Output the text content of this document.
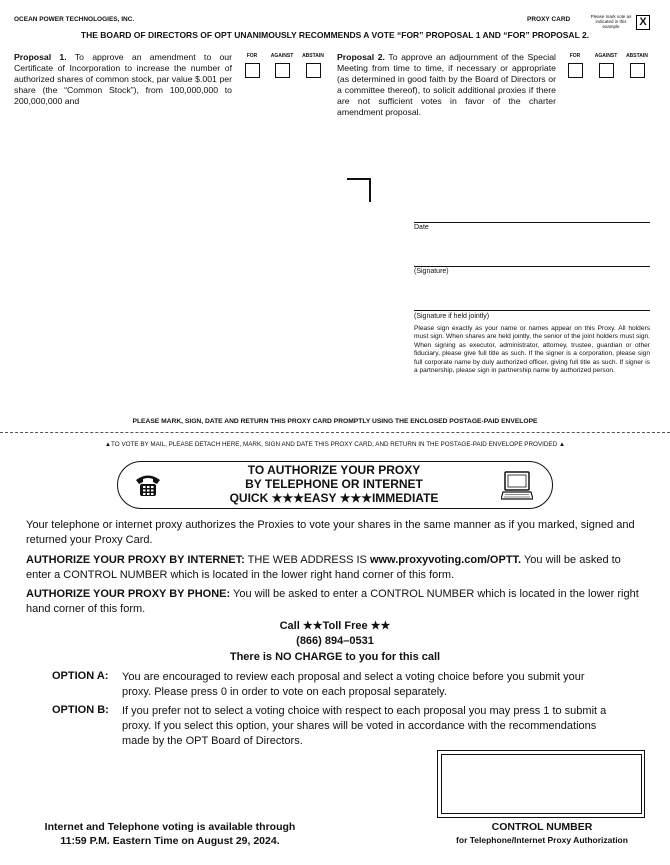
OCEAN POWER TECHNOLOGIES, INC.	PROXY CARD	Please mark vote as indicated in this example	X
THE BOARD OF DIRECTORS OF OPT UNANIMOUSLY RECOMMENDS A VOTE “FOR” PROPOSAL 1 AND “FOR” PROPOSAL 2.
Proposal 1. To approve an amendment to our Certificate of Incorporation to increase the number of authorized shares of common stock, par value $.001 per share (the “Common Stock”), from 100,000,000 to 200,000,000 and
FOR	AGAINST	ABSTAIN	Proposal 2. To approve an adjournment of the Special Meeting from time to time, if necessary or appropriate (as determined in good faith by the Board of Directors or a committee thereof), to solicit additional proxies if there are not sufficient votes in favor of the charter amendment proposal.
FOR	AGAINST	ABSTAIN
Date
(Signature)
(Signature if held jointly)
Please sign exactly as your name or names appear on this Proxy. All holders must sign. When shares are held jointly, the senior of the joint holders must sign. When signing as executor, administrator, attorney, trustee, guardian or other fiduciary, please give full title as such. If the signer is a corporation, please sign full corporate name by duly authorized officer, giving full title as such. If signer is a partnership, please sign in partnership name by authorized person.
PLEASE MARK, SIGN, DATE AND RETURN THIS PROXY CARD PROMPTLY USING THE ENCLOSED POSTAGE-PAID ENVELOPE
▲TO VOTE BY MAIL, PLEASE DETACH HERE, MARK, SIGN AND DATE THIS PROXY CARD, AND RETURN IN THE POSTAGE-PAID ENVELOPE PROVIDED ▲
TO AUTHORIZE YOUR PROXY
BY TELEPHONE OR INTERNET
QUICK ★★★EASY ★★★IMMEDIATE
Your telephone or internet proxy authorizes the Proxies to vote your shares in the same manner as if you marked, signed and returned your Proxy Card.
AUTHORIZE YOUR PROXY BY INTERNET: THE WEB ADDRESS IS www.proxyvoting.com/OPTT. You will be asked to enter a CONTROL NUMBER which is located in the lower right hand corner of this form.
AUTHORIZE YOUR PROXY BY PHONE: You will be asked to enter a CONTROL NUMBER which is located in the lower right hand corner of this form.
Call ★★Toll Free ★★
(866) 894–0531
There is NO CHARGE to you for this call
OPTION A: You are encouraged to review each proposal and select a voting choice before you submit your proxy. Please press 0 in order to vote on each proposal separately.
OPTION B: If you prefer not to select a voting choice with respect to each proposal you may press 1 to submit a proxy. If you select this option, your shares will be voted in accordance with the recommendations made by the OPT Board of Directors.
CONTROL NUMBER
for Telephone/Internet Proxy Authorization
Internet and Telephone voting is available through
11:59 P.M. Eastern Time on August 29, 2024.
